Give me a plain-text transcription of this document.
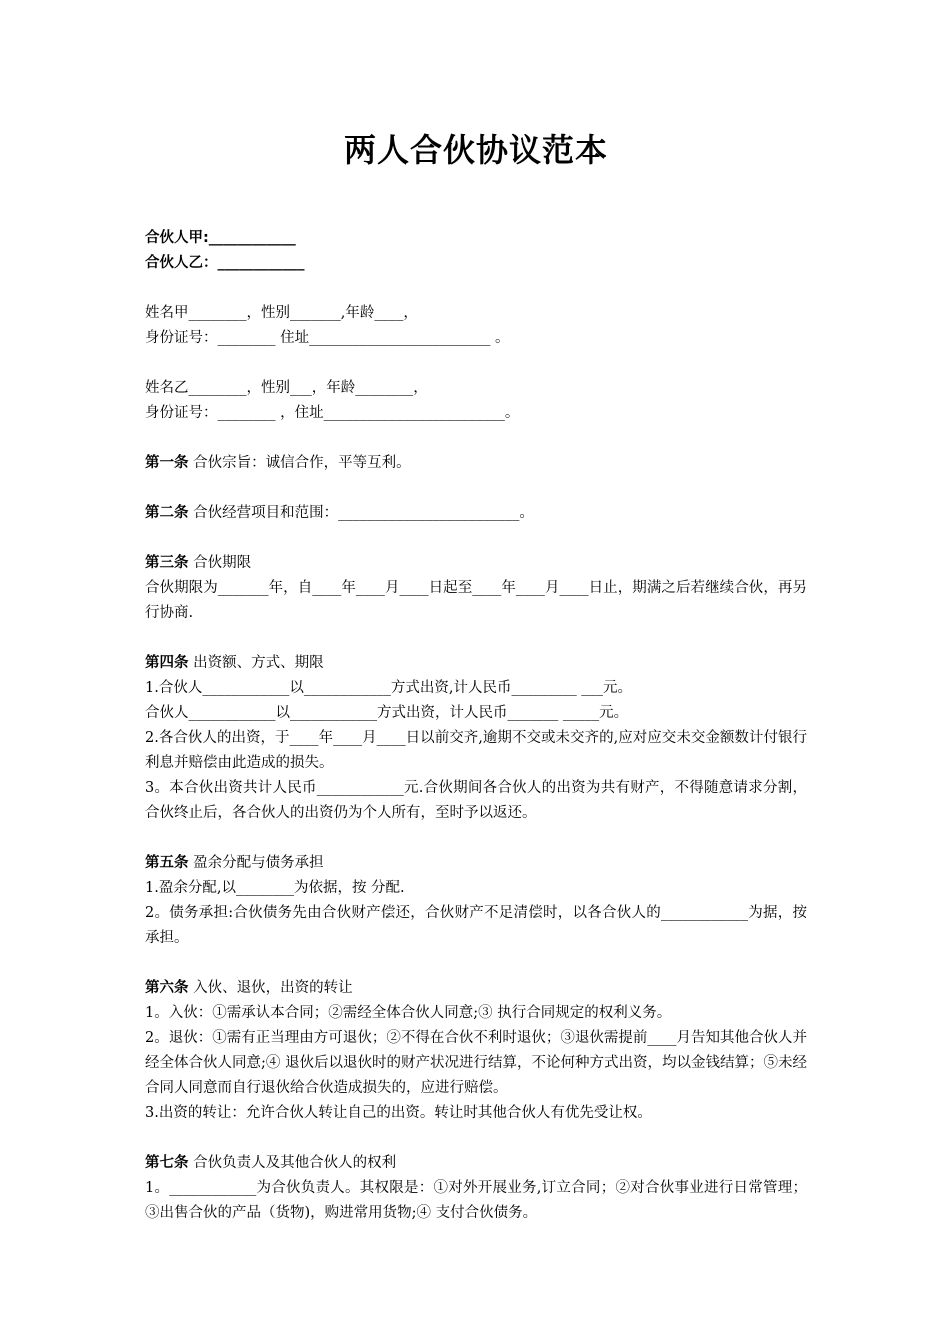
两人合伙协议范本
合伙人甲:____________
合伙人乙：____________
姓名甲________，性别_______,年龄____，
身份证号：________ 住址_________________________ 。
姓名乙________，性别___，年龄________，
身份证号：________ ，住址_________________________。
第一条 合伙宗旨：诚信合作，平等互利。
第二条 合伙经营项目和范围：_________________________。
第三条 合伙期限
合伙期限为_______年，自____年____月____日起至____年____月____日止，期满之后若继续合伙，再另行协商.
第四条 出资额、方式、期限
1.合伙人____________以____________方式出资,计人民币_________ ___元。
合伙人____________以____________方式出资，计人民币_______ _____元。
2.各合伙人的出资，于____年____月____日以前交齐,逾期不交或未交齐的,应对应交未交金额数计付银行利息并赔偿由此造成的损失。
3。本合伙出资共计人民币____________元.合伙期间各合伙人的出资为共有财产，不得随意请求分割，合伙终止后，各合伙人的出资仍为个人所有，至时予以返还。
第五条 盈余分配与债务承担
1.盈余分配,以________为依据，按 分配.
2。债务承担:合伙债务先由合伙财产偿还，合伙财产不足清偿时，以各合伙人的____________为据，按 承担。
第六条 入伙、退伙，出资的转让
1。入伙：①需承认本合同；②需经全体合伙人同意;③ 执行合同规定的权利义务。
2。退伙：①需有正当理由方可退伙；②不得在合伙不利时退伙；③退伙需提前____月告知其他合伙人并经全体合伙人同意;④ 退伙后以退伙时的财产状况进行结算，不论何种方式出资，均以金钱结算；⑤未经合同人同意而自行退伙给合伙造成损失的，应进行赔偿。
3.出资的转让：允许合伙人转让自己的出资。转让时其他合伙人有优先受让权。
第七条 合伙负责人及其他合伙人的权利
1。____________为合伙负责人。其权限是：①对外开展业务,订立合同；②对合伙事业进行日常管理；③出售合伙的产品（货物)，购进常用货物;④ 支付合伙债务。
